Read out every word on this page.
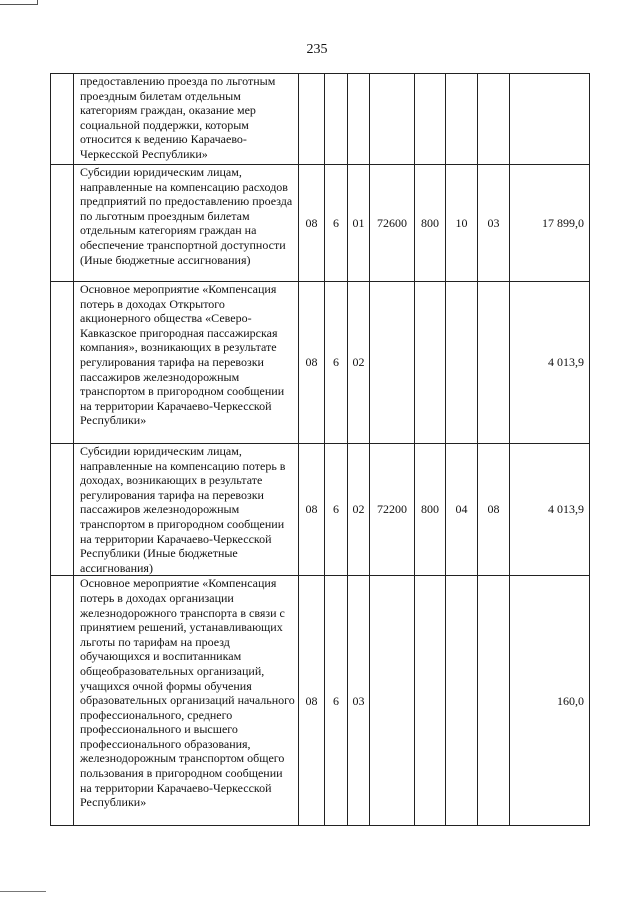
235
	предоставлению проезда по льготным проездным билетам отдельным категориям граждан, оказание мер социальной поддержки, которым относится к ведению Карачаево-Черкесской Республики»								
	Субсидии юридическим лицам, направленные на компенсацию расходов предприятий по предоставлению проезда по льготным проездным билетам отдельным категориям граждан на обеспечение транспортной доступности (Иные бюджетные ассигнования)	08	6	01	72600	800	10	03	17 899,0
	Основное мероприятие «Компенсация потерь в доходах Открытого акционерного общества «Северо-Кавказское пригородная пассажирская компания», возникающих в результате регулирования тарифа на перевозки пассажиров железнодорожным транспортом в пригородном сообщении на территории Карачаево-Черкесской Республики»	08	6	02					4 013,9
	Субсидии юридическим лицам, направленные на компенсацию потерь в доходах, возникающих в результате регулирования тарифа на перевозки пассажиров железнодорожным транспортом в пригородном сообщении на территории Карачаево-Черкесской Республики (Иные бюджетные ассигнования)	08	6	02	72200	800	04	08	4 013,9
	Основное мероприятие «Компенсация потерь в доходах организации железнодорожного транспорта в связи с принятием решений, устанавливающих льготы по тарифам на проезд обучающихся и воспитанникам общеобразовательных организаций, учащихся очной формы обучения образовательных организаций начального профессионального, среднего профессионального и высшего профессионального образования, железнодорожным транспортом общего пользования в пригородном сообщении на территории Карачаево-Черкесской Республики»	08	6	03					160,0
